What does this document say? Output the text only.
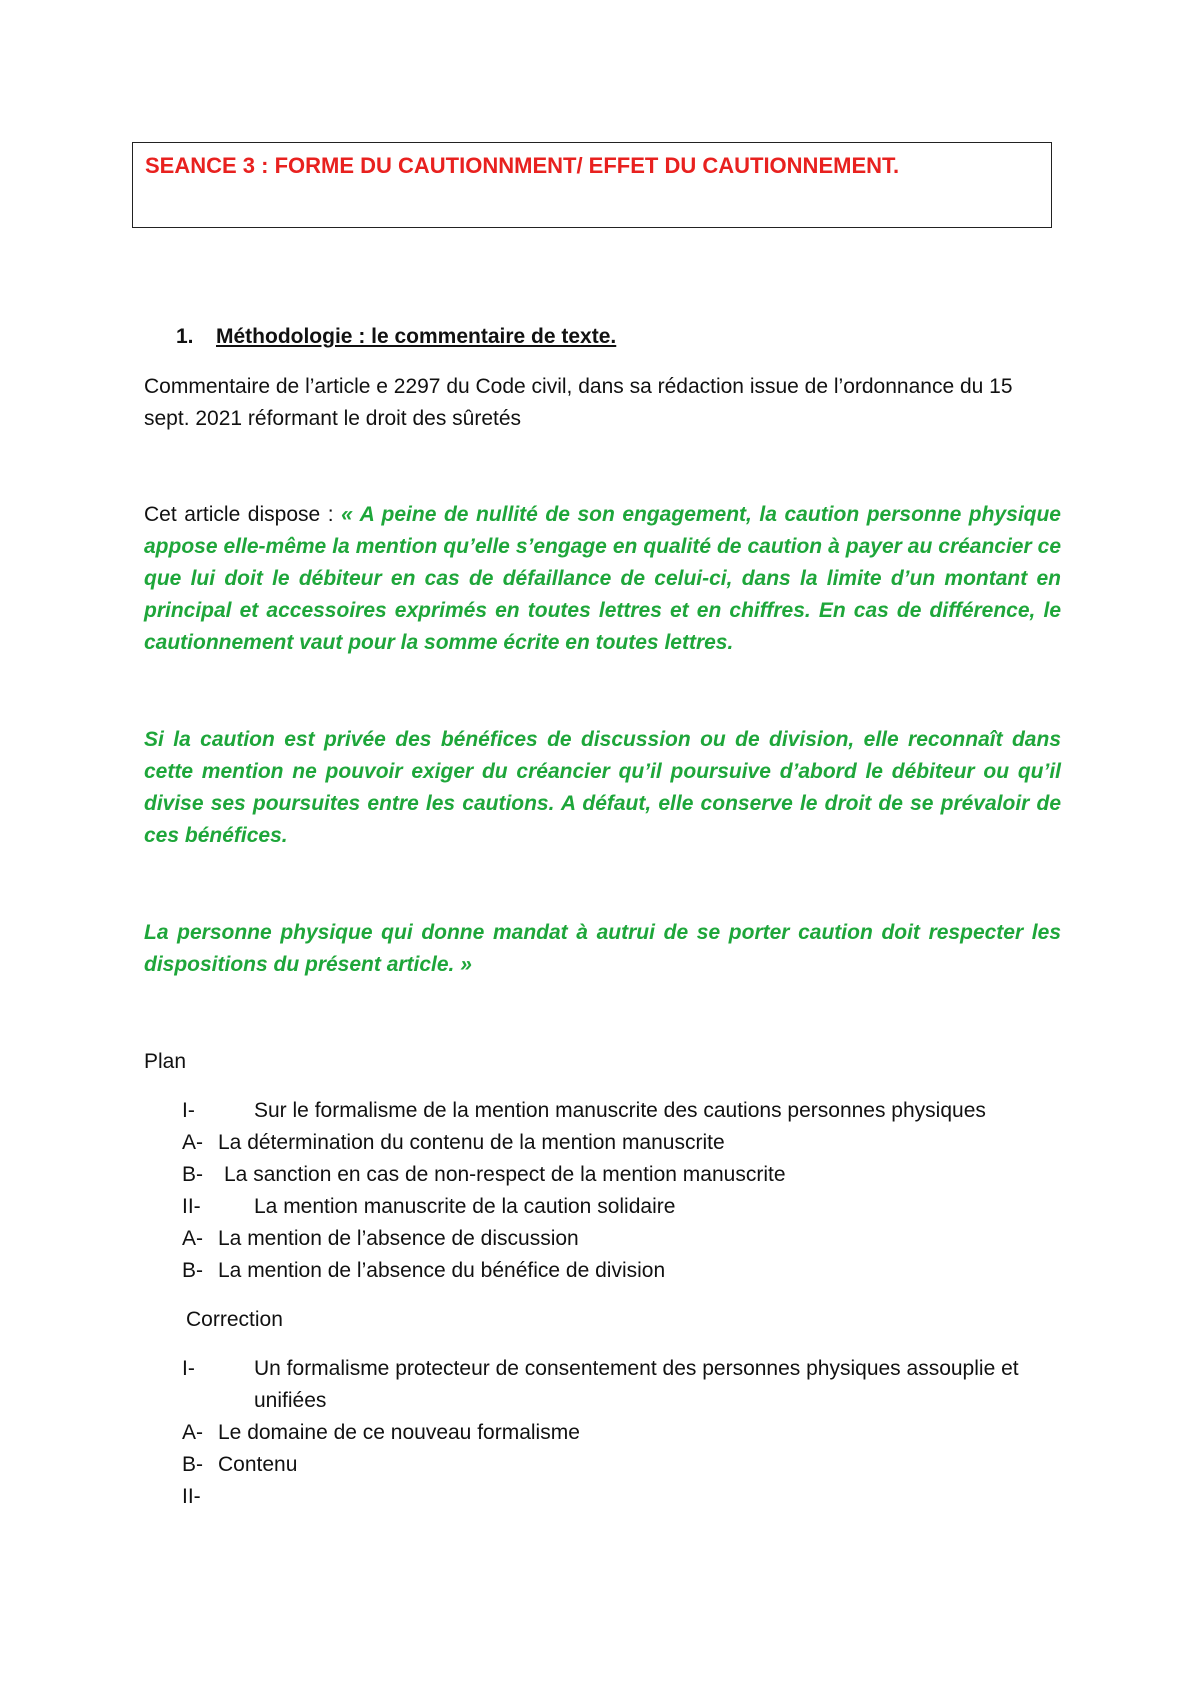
SEANCE 3 : FORME DU CAUTIONNMENT/ EFFET DU CAUTIONNEMENT.
1. Méthodologie : le commentaire de texte.
Commentaire de l’article e 2297 du Code civil, dans sa rédaction issue de l’ordonnance du 15
sept. 2021 réformant le droit des sûretés
Cet article dispose : « A peine de nullité de son engagement, la caution personne physique appose elle-même la mention qu’elle s’engage en qualité de caution à payer au créancier ce que lui doit le débiteur en cas de défaillance de celui-ci, dans la limite d’un montant en principal et accessoires exprimés en toutes lettres et en chiffres. En cas de différence, le cautionnement vaut pour la somme écrite en toutes lettres.
Si la caution est privée des bénéfices de discussion ou de division, elle reconnaît dans cette mention ne pouvoir exiger du créancier qu’il poursuive d’abord le débiteur ou qu’il divise ses poursuites entre les cautions. A défaut, elle conserve le droit de se prévaloir de ces bénéfices.
La personne physique qui donne mandat à autrui de se porter caution doit respecter les dispositions du présent article. »
Plan
I-	Sur le formalisme de la mention manuscrite des cautions personnes physiques
A- La détermination du contenu de la mention manuscrite
B- La sanction en cas de non-respect de la mention manuscrite
II-	La mention manuscrite de la caution solidaire
A- La mention de l’absence de discussion
B- La mention de l’absence du bénéfice de division
Correction
I-	Un formalisme protecteur de consentement des personnes physiques assouplie et
unifiées
A- Le domaine de ce nouveau formalisme
B- Contenu
II-
